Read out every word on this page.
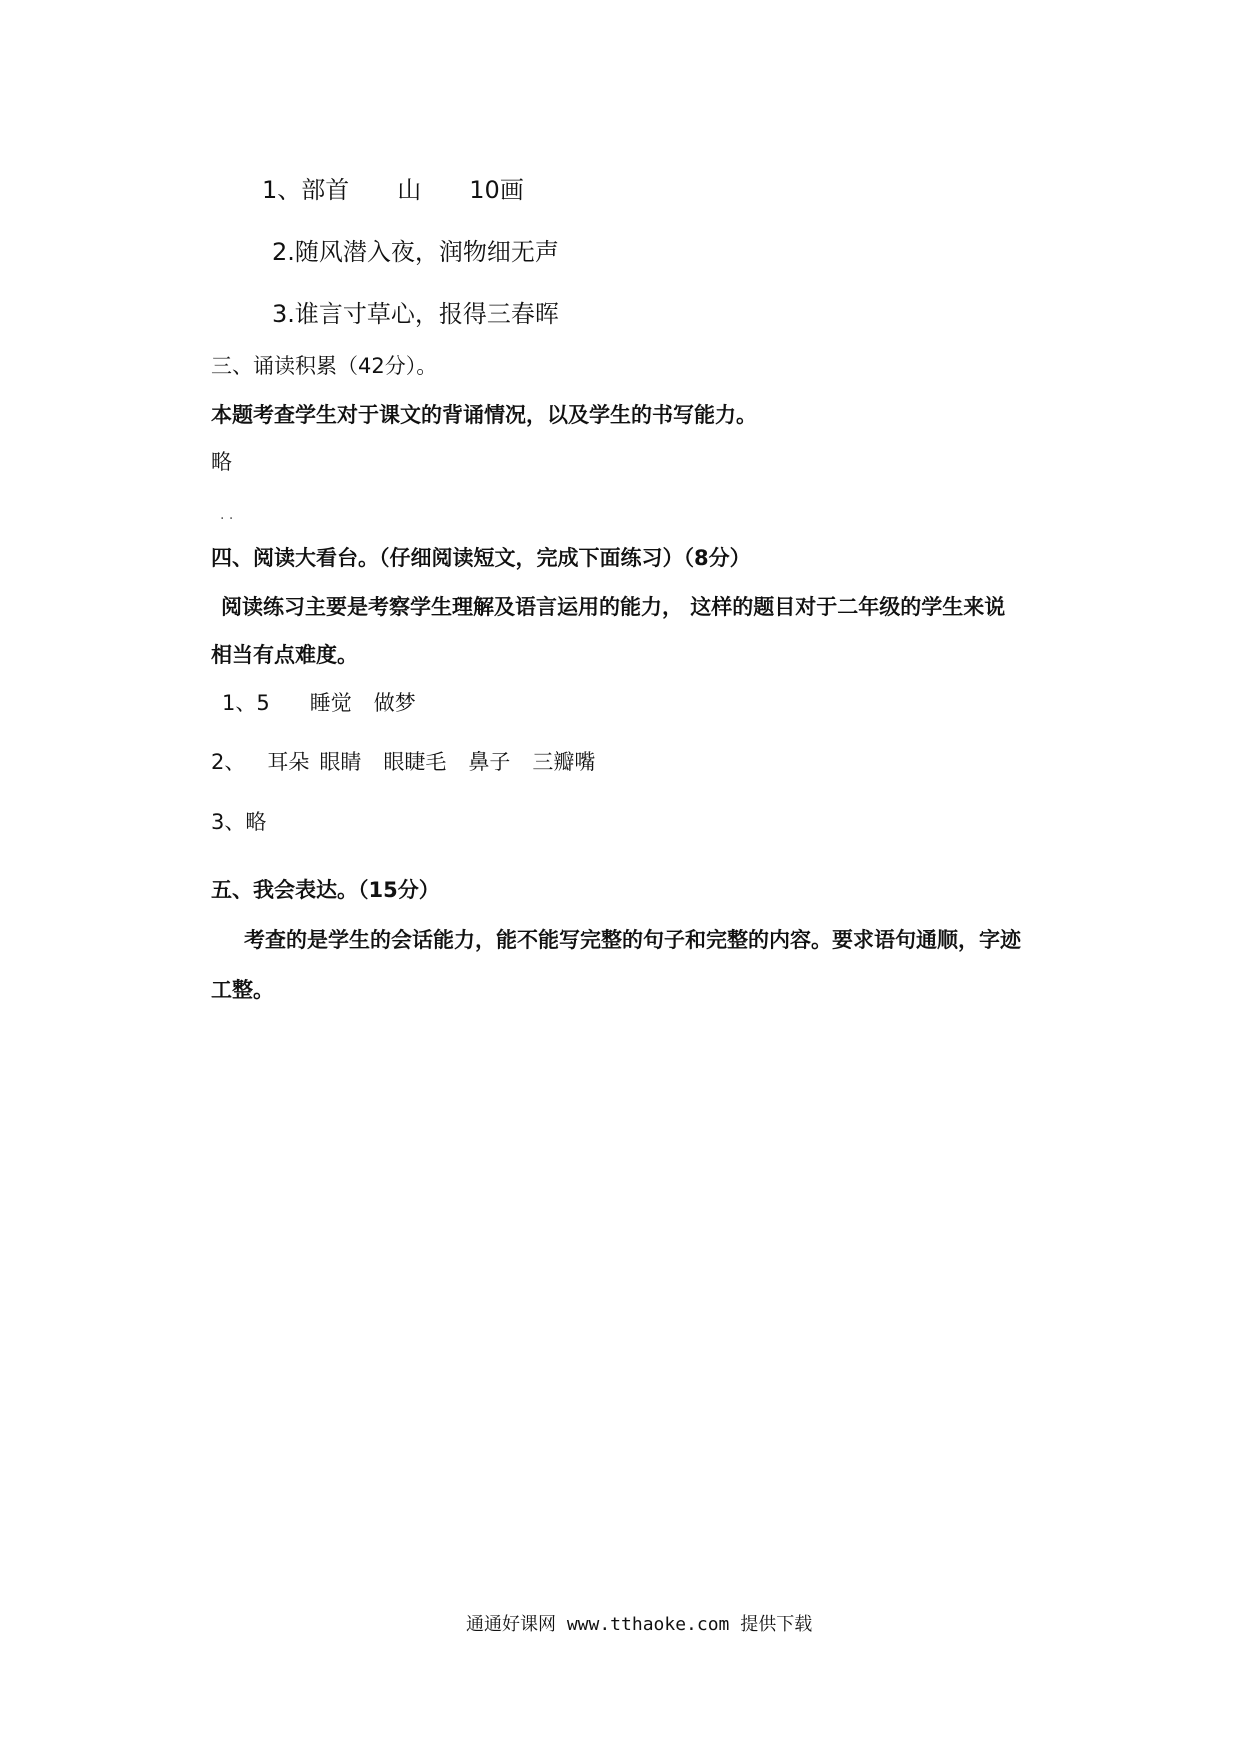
1、部首 山 10画
2.随风潜入夜，润物细无声
3.谁言寸草心，报得三春晖
三、诵读积累（42分）。
本题考查学生对于课文的背诵情况，以及学生的书写能力。
略
. .
四、阅读大看台。（仔细阅读短文，完成下面练习）（8分）
阅读练习主要是考察学生理解及语言运用的能力， 这样的题目对于二年级的学生来说
相当有点难度。
1、5 睡觉 做梦
2、 耳朵 眼睛 眼睫毛 鼻子 三瓣嘴
3、略
五、我会表达。（15分）
考查的是学生的会话能力，能不能写完整的句子和完整的内容。要求语句通顺，字迹
工整。
通通好课网 www.tthaoke.com 提供下载
